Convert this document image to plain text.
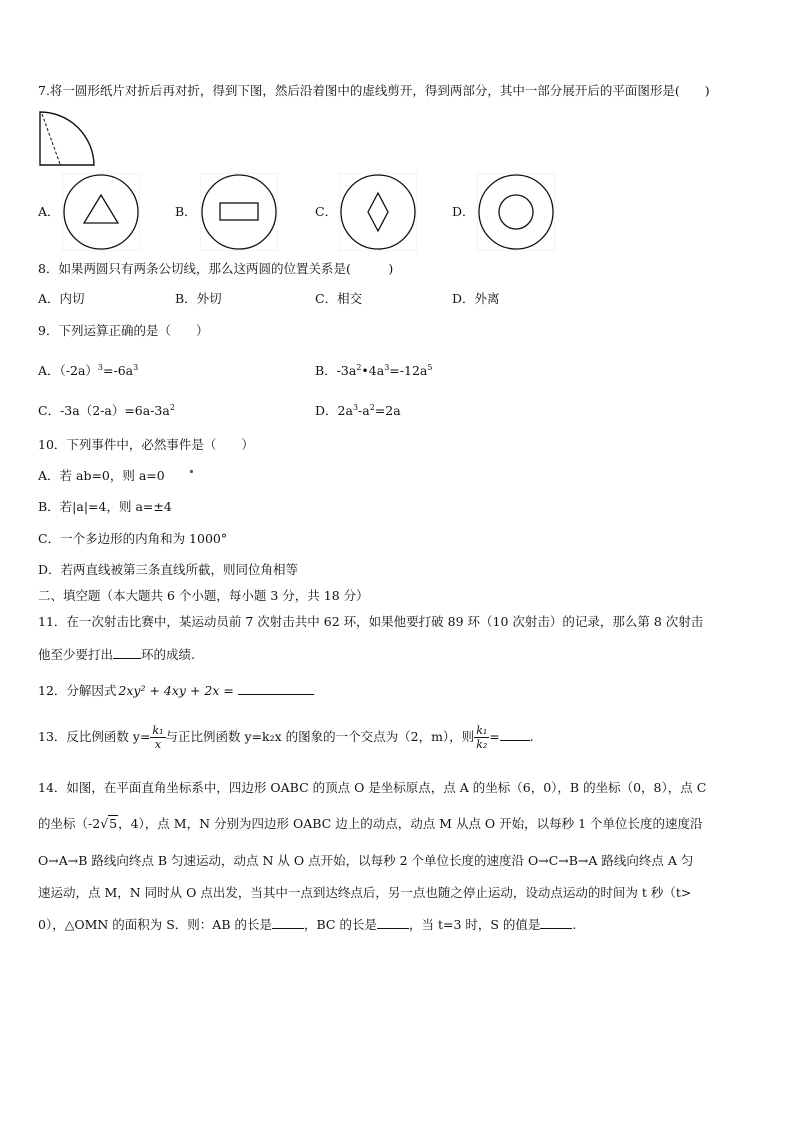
7.将一圆形纸片对折后再对折，得到下图，然后沿着图中的虚线剪开，得到两部分，其中一部分展开后的平面图形是(　　)
A．	B．	C．	D．
8．如果两圆只有两条公切线，那么这两圆的位置关系是(　　　)
A．内切	B．外切	C．相交	D．外离
9．下列运算正确的是（　　）
A．$(-2a)^3=-6a^3$	B．$-3a^2•4a^3=-12a^5$
C．$-3a(2-a)=6a-3a^2$	D．$2a^3-a^2=2a$
10．下列事件中，必然事件是（　　）
A．若 ab=0，则 a=0
B．若|a|=4，则 a=±4
C．一个多边形的内角和为 1000°
D．若两直线被第三条直线所截，则同位角相等
二、填空题（本大题共 6 个小题，每小题 3 分，共 18 分）
11．在一次射击比赛中，某运动员前 7 次射击共中 62 环，如果他要打破 89 环（10 次射击）的记录，那么第 8 次射击
他至少要打出 环的成绩.
12．分解因式 2xy² + 4xy + 2x =
13．反比例函数 $y= \frac{\text{k₁}}{x}$ 与正比例函数 y=k₂x 的图象的一个交点为（2，m），则 $\frac{\text{k₁}}{\text{k₂}}$ = .
14．如图，在平面直角坐标系中，四边形 OABC 的顶点 O 是坐标原点，点 A 的坐标（6，0），B 的坐标（0，8），点 C
的坐标（-2√5，4），点 M，N 分别为四边形 OABC 边上的动点，动点 M 从点 O 开始，以每秒 1 个单位长度的速度沿
O→A→B 路线向终点 B 匀速运动，动点 N 从 O 点开始，以每秒 2 个单位长度的速度沿 O→C→B→A 路线向终点 A 匀
速运动，点 M，N 同时从 O 点出发，当其中一点到达终点后，另一点也随之停止运动，设动点运动的时间为 t 秒（t>
0），△OMN 的面积为 S．则：AB 的长是	，BC 的长是	，当 t=3 时，S 的值是	.
